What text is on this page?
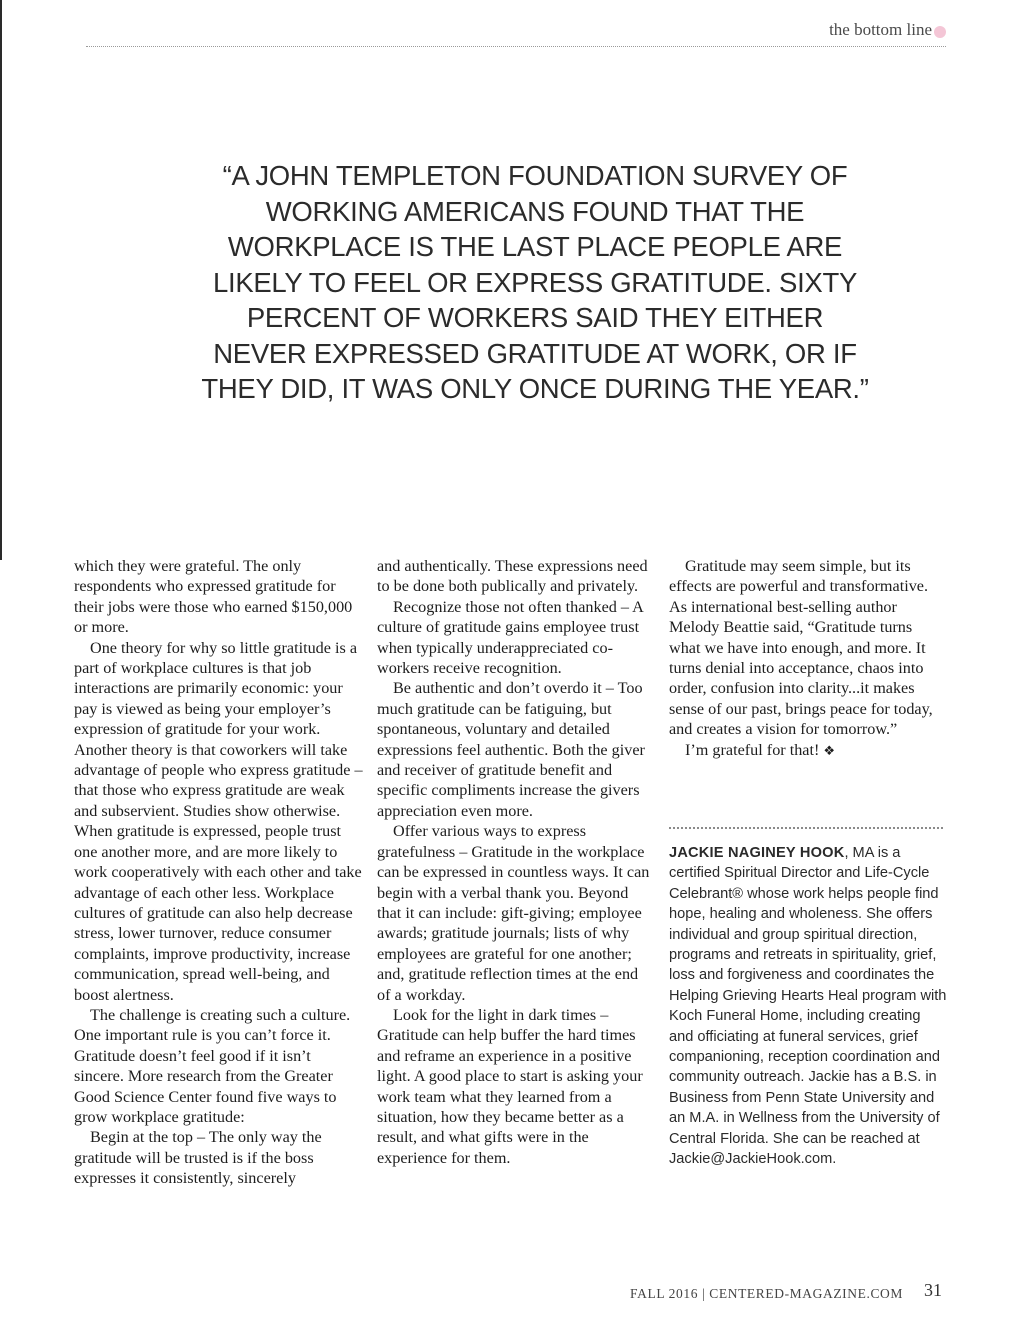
the bottom line
“A JOHN TEMPLETON FOUNDATION SURVEY OF WORKING AMERICANS FOUND THAT THE WORKPLACE IS THE LAST PLACE PEOPLE ARE LIKELY TO FEEL OR EXPRESS GRATITUDE. SIXTY PERCENT OF WORKERS SAID THEY EITHER NEVER EXPRESSED GRATITUDE AT WORK, OR IF THEY DID, IT WAS ONLY ONCE DURING THE YEAR.”

which they were grateful. The only respondents who expressed gratitude for their jobs were those who earned $150,000 or more.

One theory for why so little gratitude is a part of workplace cultures is that job interactions are primarily economic: your pay is viewed as being your employer’s expression of gratitude for your work. Another theory is that coworkers will take advantage of people who express gratitude – that those who express gratitude are weak and subservient. Studies show otherwise. When gratitude is expressed, people trust one another more, and are more likely to work cooperatively with each other and take advantage of each other less. Workplace cultures of gratitude can also help decrease stress, lower turnover, reduce consumer complaints, improve productivity, increase communication, spread well-being, and boost alertness.

The challenge is creating such a culture. One important rule is you can’t force it. Gratitude doesn’t feel good if it isn’t sincere. More research from the Greater Good Science Center found five ways to grow workplace gratitude:

Begin at the top – The only way the gratitude will be trusted is if the boss expresses it consistently, sincerely

and authentically. These expressions need to be done both publically and privately.

Recognize those not often thanked – A culture of gratitude gains employee trust when typically underappreciated co-workers receive recognition.

Be authentic and don’t overdo it – Too much gratitude can be fatiguing, but spontaneous, voluntary and detailed expressions feel authentic. Both the giver and receiver of gratitude benefit and specific compliments increase the givers appreciation even more.

Offer various ways to express gratefulness – Gratitude in the workplace can be expressed in countless ways. It can begin with a verbal thank you. Beyond that it can include: gift-giving; employee awards; gratitude journals; lists of why employees are grateful for one another; and, gratitude reflection times at the end of a workday.

Look for the light in dark times – Gratitude can help buffer the hard times and reframe an experience in a positive light. A good place to start is asking your work team what they learned from a situation, how they became better as a result, and what gifts were in the experience for them.

Gratitude may seem simple, but its effects are powerful and transformative. As international best-selling author Melody Beattie said, “Gratitude turns what we have into enough, and more. It turns denial into acceptance, chaos into order, confusion into clarity...it makes sense of our past, brings peace for today, and creates a vision for tomorrow.”

I’m grateful for that! ❖

JACKIE NAGINEY HOOK, MA is a certified Spiritual Director and Life-Cycle Celebrant® whose work helps people find hope, healing and wholeness. She offers individual and group spiritual direction, programs and retreats in spirituality, grief, loss and forgiveness and coordinates the Helping Grieving Hearts Heal program with Koch Funeral Home, including creating and officiating at funeral services, grief companioning, reception coordination and community outreach. Jackie has a B.S. in Business from Penn State University and an M.A. in Wellness from the University of Central Florida. She can be reached at Jackie@JackieHook.com.
FALL 2016 | CENTERED-MAGAZINE.COM 31
